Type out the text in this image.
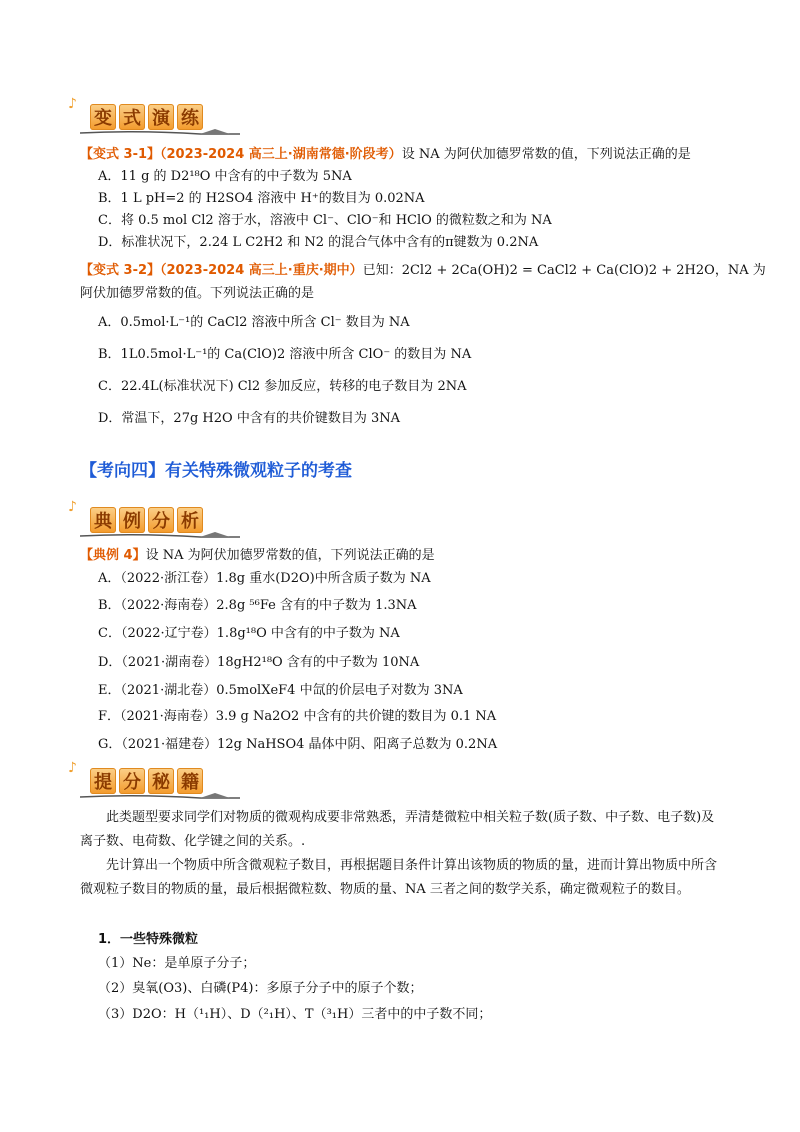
♪
变 式 演 练
【变式 3-1】（2023-2024 高三上·湖南常德·阶段考）设 NA 为阿伏加德罗常数的值，下列说法正确的是
A．11 g 的 D2¹⁸O 中含有的中子数为 5NA
B．1 L pH=2 的 H2SO4 溶液中 H⁺的数目为 0.02NA
C．将 0.5 mol Cl2 溶于水，溶液中 Cl⁻、ClO⁻和 HClO 的微粒数之和为 NA
D．标准状况下，2.24 L C2H2 和 N2 的混合气体中含有的π键数为 0.2NA
【变式 3-2】（2023-2024 高三上·重庆·期中）已知：2Cl2 + 2Ca(OH)2 = CaCl2 + Ca(ClO)2 + 2H2O，NA 为
阿伏加德罗常数的值。下列说法正确的是
A．0.5mol·L⁻¹的 CaCl2 溶液中所含 Cl⁻ 数目为 NA
B．1L0.5mol·L⁻¹的 Ca(ClO)2 溶液中所含 ClO⁻ 的数目为 NA
C．22.4L(标准状况下) Cl2 参加反应，转移的电子数目为 2NA
D．常温下，27g H2O 中含有的共价键数目为 3NA
【考向四】有关特殊微观粒子的考查
♪
典 例 分 析
【典例 4】设 NA 为阿伏加德罗常数的值，下列说法正确的是
A．（2022·浙江卷）1.8g 重水(D2O)中所含质子数为 NA
B．（2022·海南卷）2.8g ⁵⁶Fe 含有的中子数为 1.3NA
C．（2022·辽宁卷）1.8g¹⁸O 中含有的中子数为 NA
D．（2021·湖南卷）18gH2¹⁸O 含有的中子数为 10NA
E．（2021·湖北卷）0.5molXeF4 中氙的价层电子对数为 3NA
F．（2021·海南卷）3.9 g Na2O2 中含有的共价键的数目为 0.1 NA
G．（2021·福建卷）12g NaHSO4 晶体中阴、阳离子总数为 0.2NA
♪
提 分 秘 籍
此类题型要求同学们对物质的微观构成要非常熟悉，弄清楚微粒中相关粒子数(质子数、中子数、电子数)及离子数、电荷数、化学键之间的关系。.
先计算出一个物质中所含微观粒子数目，再根据题目条件计算出该物质的物质的量，进而计算出物质中所含微观粒子数目的物质的量，最后根据微粒数、物质的量、NA 三者之间的数学关系，确定微观粒子的数目。
1．一些特殊微粒
（1）Ne：是单原子分子；
（2）臭氧(O3)、白磷(P4)：多原子分子中的原子个数；
（3）D2O：H（¹₁H）、D（²₁H）、T（³₁H）三者中的中子数不同；
